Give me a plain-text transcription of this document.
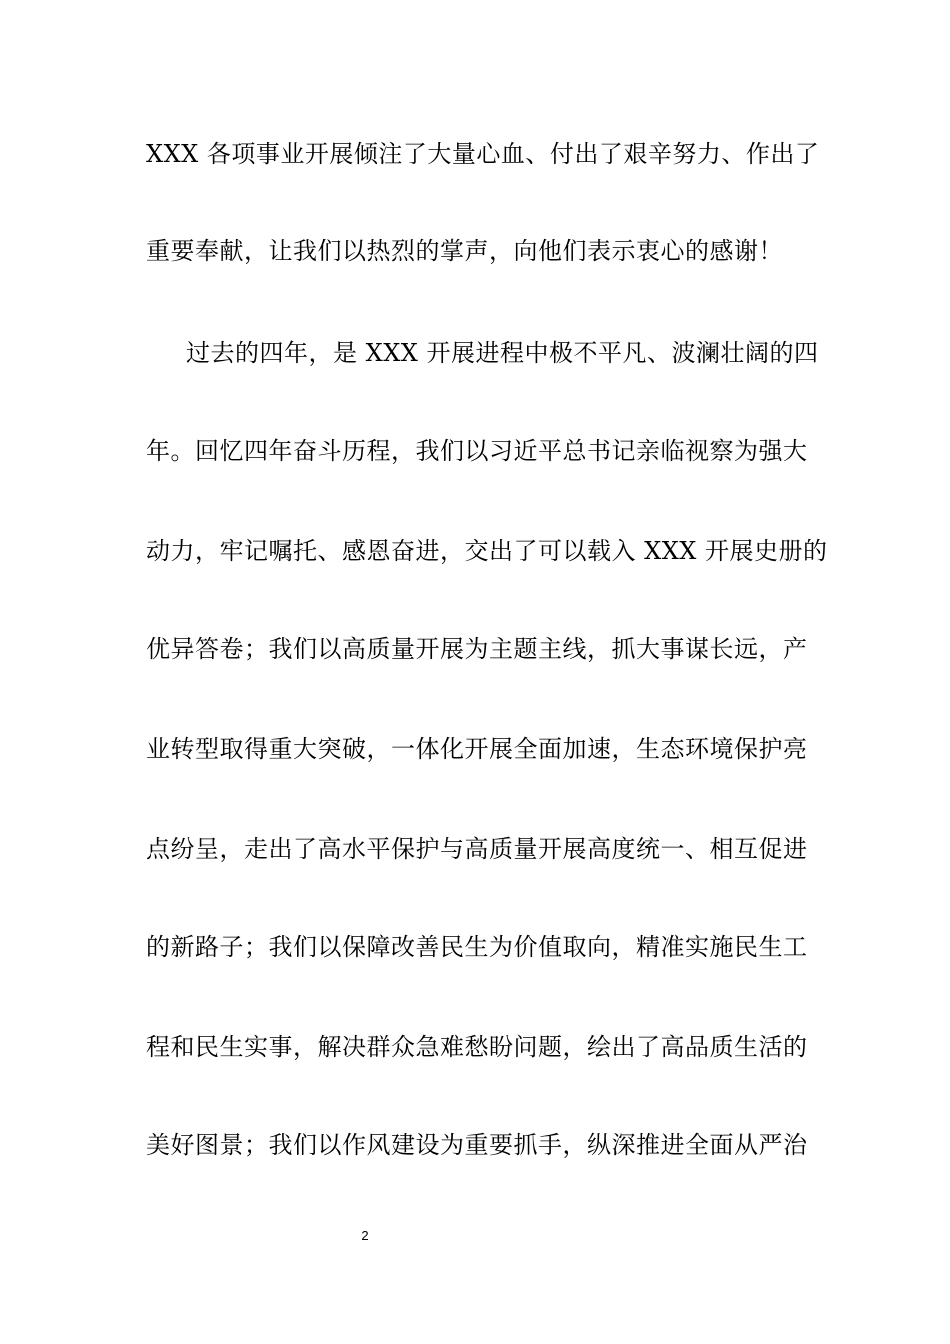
XXX 各项事业开展倾注了大量心血、付出了艰辛努力、作出了
重要奉献，让我们以热烈的掌声，向他们表示衷心的感谢！
过去的四年，是 XXX 开展进程中极不平凡、波澜壮阔的四
年。回忆四年奋斗历程，我们以习近平总书记亲临视察为强大
动力，牢记嘱托、感恩奋进，交出了可以载入 XXX 开展史册的
优异答卷；我们以高质量开展为主题主线，抓大事谋长远，产
业转型取得重大突破，一体化开展全面加速，生态环境保护亮
点纷呈，走出了高水平保护与高质量开展高度统一、相互促进
的新路子；我们以保障改善民生为价值取向，精准实施民生工
程和民生实事，解决群众急难愁盼问题，绘出了高品质生活的
美好图景；我们以作风建设为重要抓手，纵深推进全面从严治
2
